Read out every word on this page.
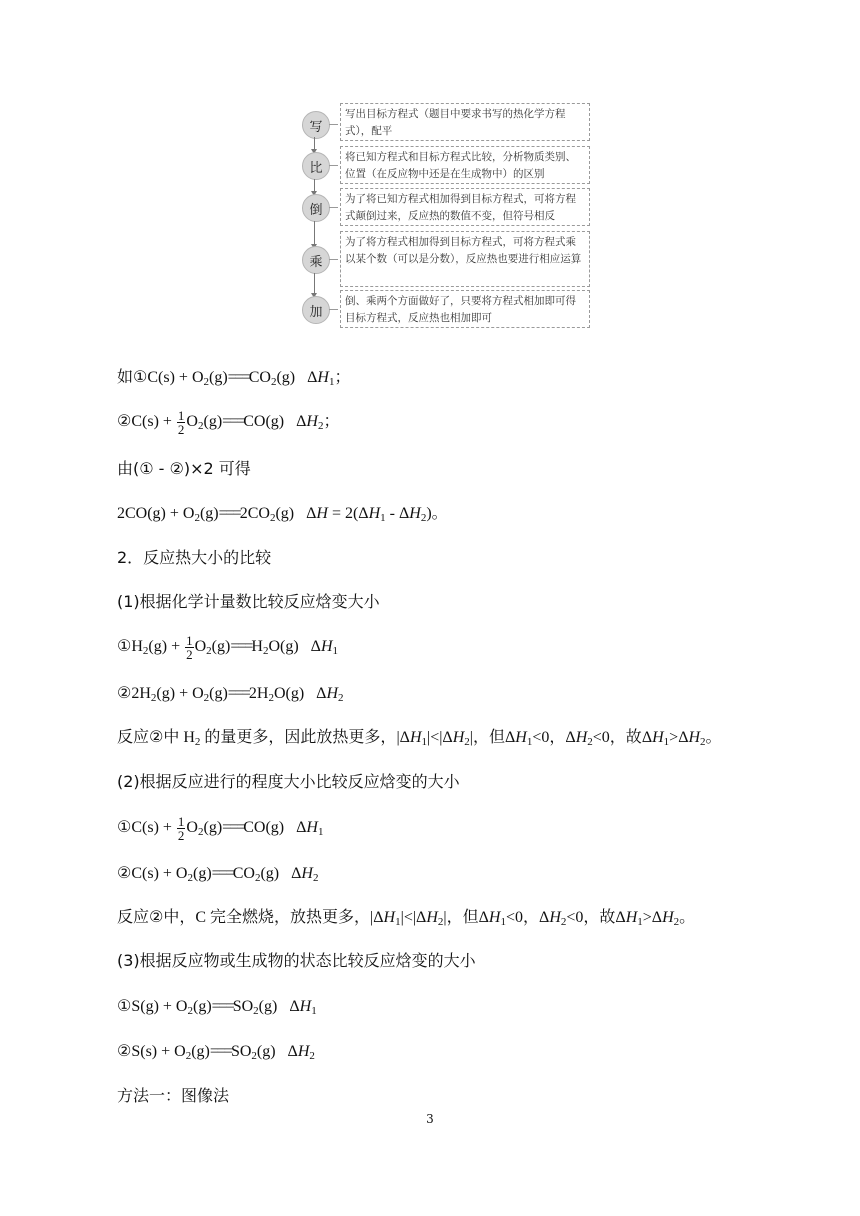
写
写出目标方程式（题目中要求书写的热化学方程式），配平
比
将已知方程式和目标方程式比较，分析物质类别、位置（在反应物中还是在生成物中）的区别
倒
为了将已知方程式相加得到目标方程式，可将方程式颠倒过来，反应热的数值不变，但符号相反
乘
为了将方程式相加得到目标方程式，可将方程式乘以某个数（可以是分数），反应热也要进行相应运算
加
倒、乘两个方面做好了，只要将方程式相加即可得目标方程式，反应热也相加即可
如①C(s) + $O_2(g)===CO_2(g)$   $\Delta H_1$；
②C(s) + $\frac{1}{2} O_2(g)===CO(g)$   $\Delta H_2$；
由(① - ②)×2 可得
$2CO(g) + O_2(g)===2CO_2(g) \Delta H = 2(\Delta H_1 - \Delta H_2)$。
2．反应热大小的比较
(1)根据化学计量数比较反应焓变大小
$①H_2(g) + \frac{1}{2} O_2(g)===H_2O(g)$   $\Delta H_1$
$②2H_2(g) + O_2(g)===2H_2O(g)$   $\Delta H_2$
反应②中 $H_2$ 的量更多，因此放热更多，$|\Delta H_1|<|\Delta H_2|$，但$\Delta H_1<0$，$\Delta H_2<0$，故$\Delta H_1>\Delta H_2$。
(2)根据反应进行的程度大小比较反应焓变的大小
①C(s) + $\frac{1}{2} O_2(g)===CO(g)$   $\Delta H_1$
②C(s) + $O_2(g)===CO_2(g)$   $\Delta H_2$
反应②中，C 完全燃烧，放热更多，$|\Delta H_1|<|\Delta H_2|$，但$\Delta H_1<0$，$\Delta H_2<0$，故$\Delta H_1>\Delta H_2$。
(3)根据反应物或生成物的状态比较反应焓变的大小
①S(g) + $O_2(g)===SO_2(g)$   $\Delta H_1$
②S(s) + $O_2(g)===SO_2(g)$   $\Delta H_2$
方法一：图像法
3
